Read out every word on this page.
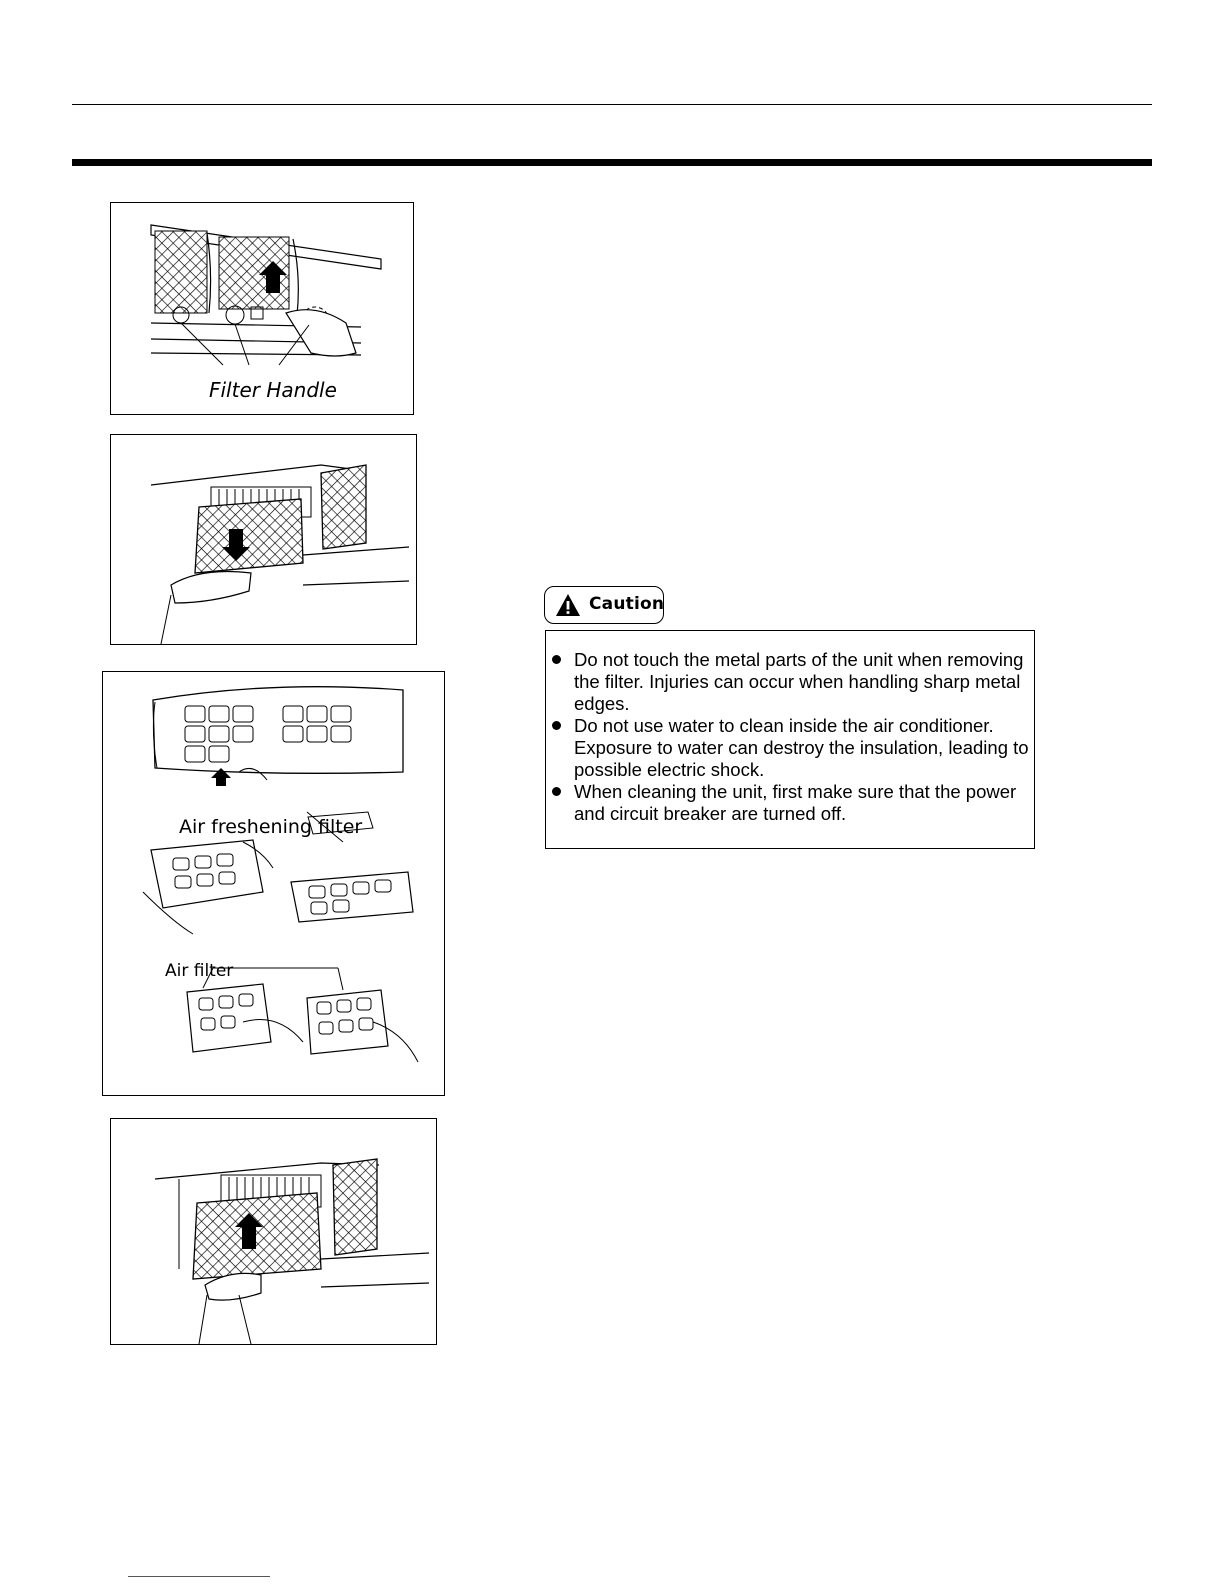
Filter Handle
Air freshening filter
Air filter
Caution
Do not touch the metal parts of the unit when removing the filter. Injuries can occur when handling sharp metal edges.
Do not use water to clean inside the air conditioner. Exposure to water can destroy the insulation, leading to possible electric shock.
When cleaning the unit, first make sure that the power and circuit breaker are turned off.
